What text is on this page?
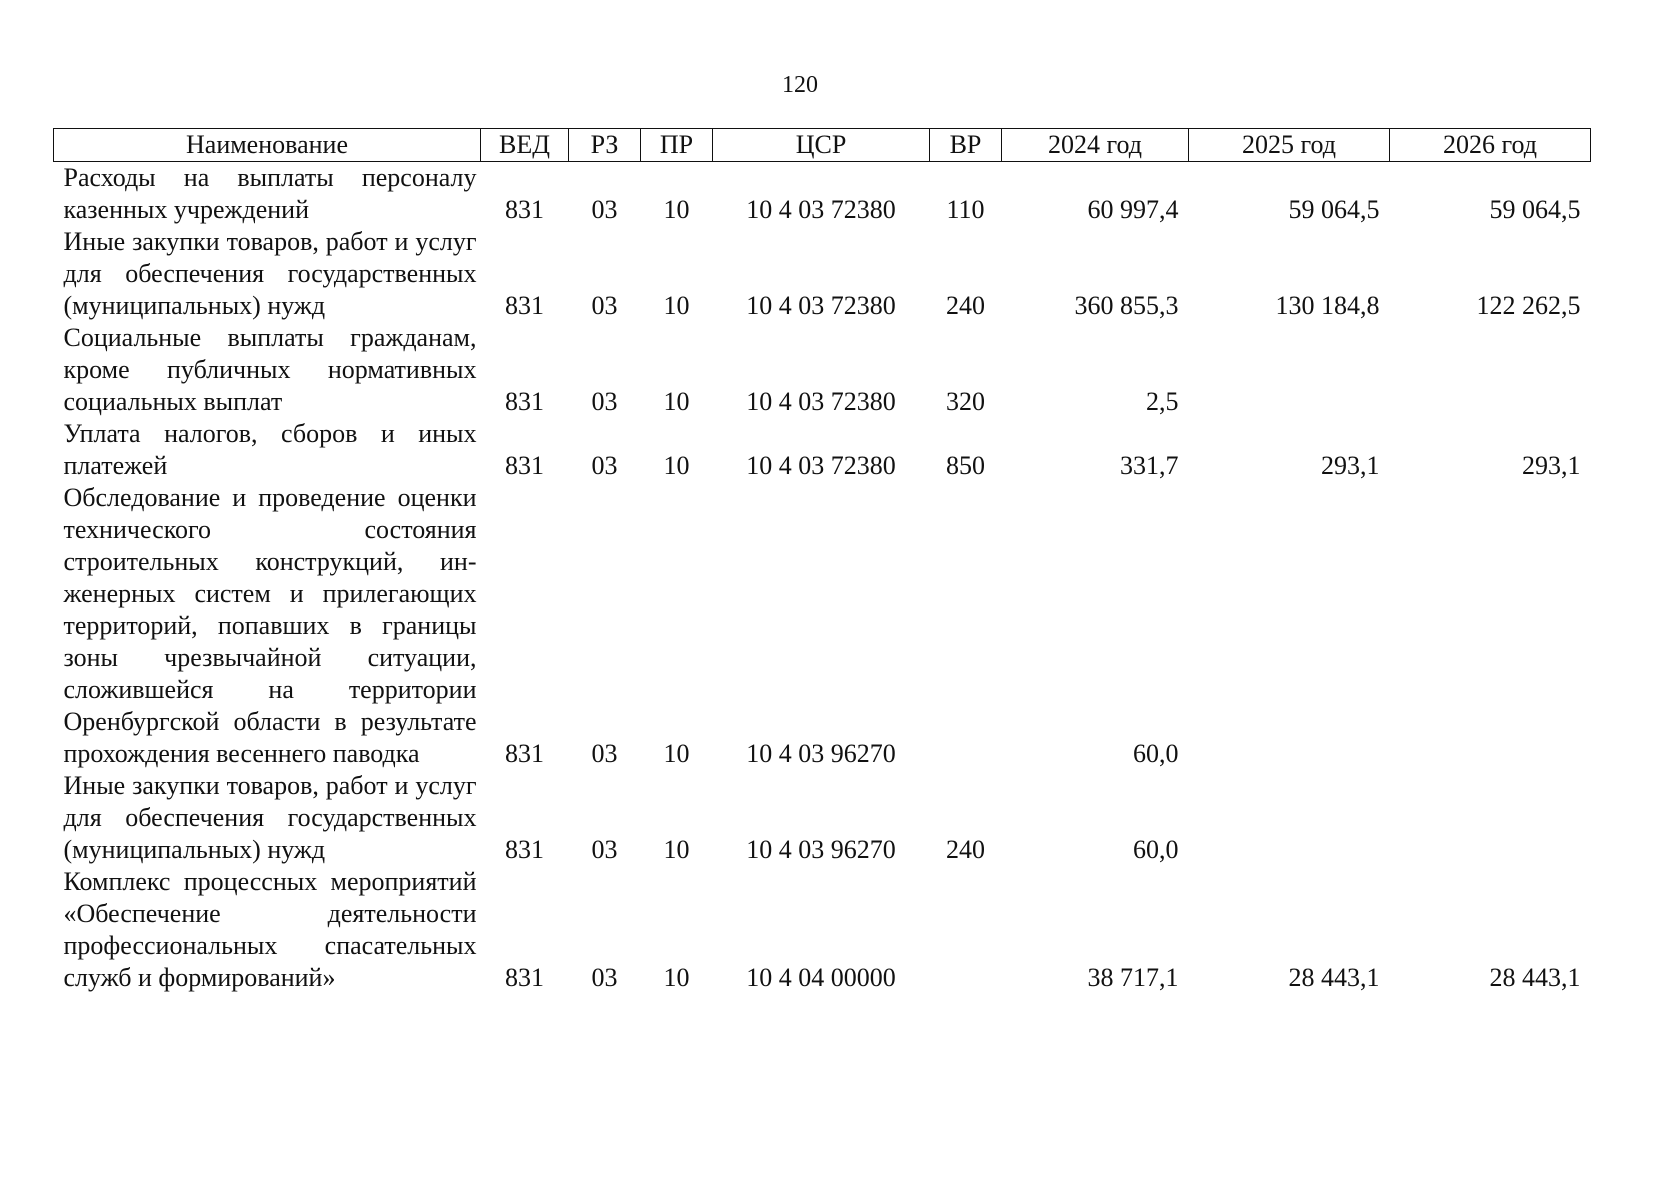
120
Наименование	ВЕД	РЗ	ПР	ЦСР	ВР	2024 год	2025 год	2026 год
Расходы на выплаты персоналу казенных учреждений	831	03	10	10 4 03 72380	110	60 997,4	59 064,5	59 064,5
Иные закупки товаров, работ и услуг для обеспечения государственных (муниципальных) нужд	831	03	10	10 4 03 72380	240	360 855,3	130 184,8	122 262,5
Социальные выплаты гражданам, кроме публичных нормативных социальных выплат	831	03	10	10 4 03 72380	320	2,5		
Уплата налогов, сборов и иных платежей	831	03	10	10 4 03 72380	850	331,7	293,1	293,1
Обследование и проведение оценки технического состояния строительных конструкций, инженерных систем и прилегающих территорий, попавших в границы зоны чрезвычайной ситуации, сложившейся на территории Оренбургской области в результате прохождения весеннего паводка	831	03	10	10 4 03 96270		60,0		
Иные закупки товаров, работ и услуг для обеспечения государственных (муниципальных) нужд	831	03	10	10 4 03 96270	240	60,0		
Комплекс процессных мероприятий «Обеспечение деятельности профессиональных спасательных служб и формирований»	831	03	10	10 4 04 00000		38 717,1	28 443,1	28 443,1
